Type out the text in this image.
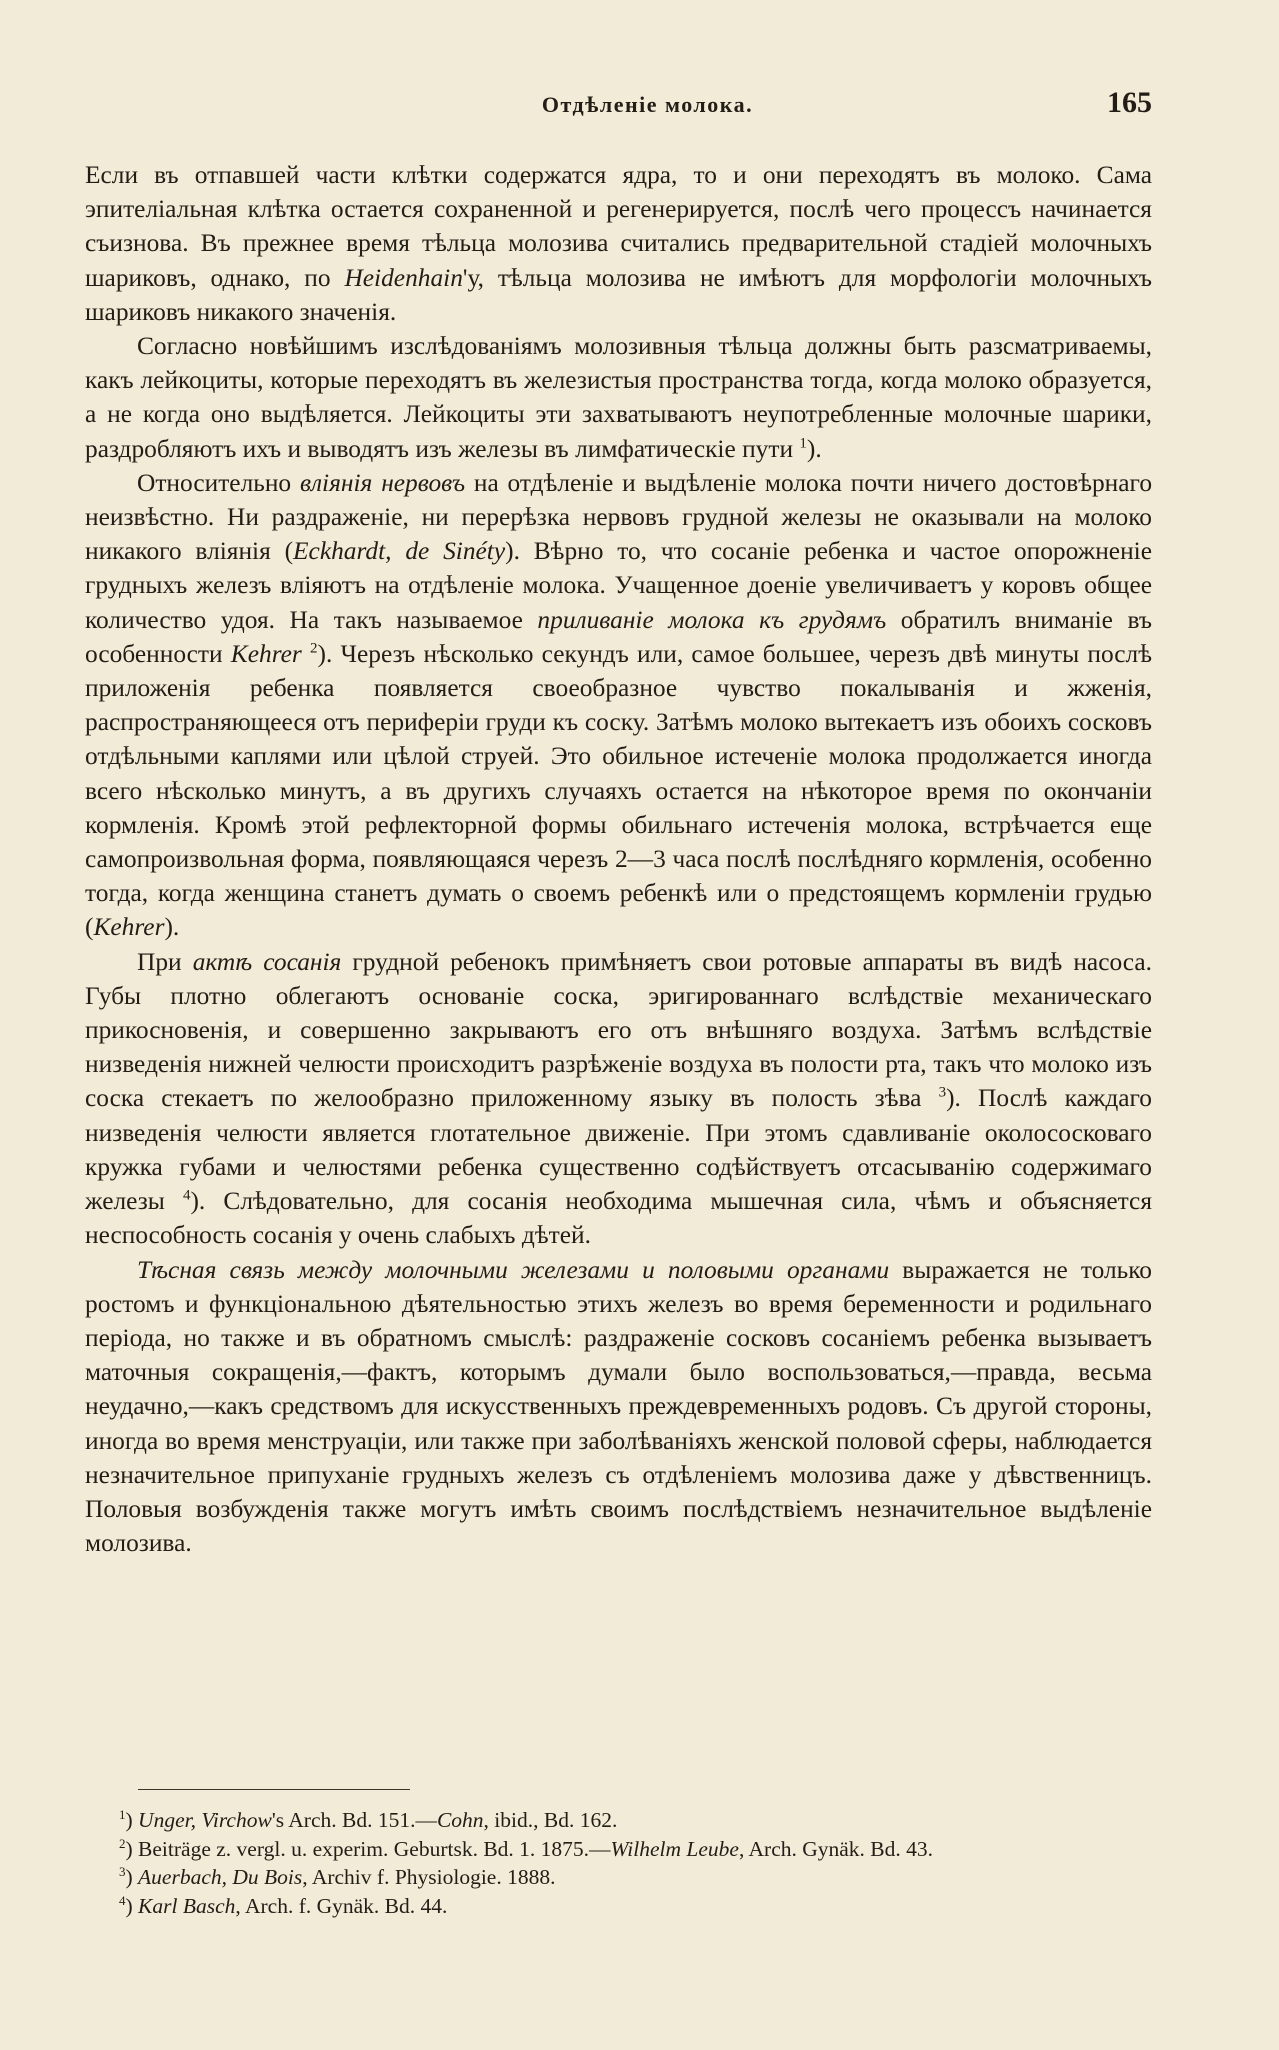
Отдѣленіе молока.	165

Если въ отпавшей части клѣтки содержатся ядра, то и они переходятъ въ молоко. Сама эпителіальная клѣтка остается сохраненной и регенерируется, послѣ чего процессъ начинается съизнова. Въ прежнее время тѣльца молозива считались предварительной стадіей молочныхъ шариковъ, однако, по Heidenhain'у, тѣльца молозива не имѣютъ для морфологіи молочныхъ шариковъ никакого значенія.

Согласно новѣйшимъ изслѣдованіямъ молозивныя тѣльца должны быть разсматриваемы, какъ лейкоциты, которые переходятъ въ железистыя пространства тогда, когда молоко образуется, а не когда оно выдѣляется. Лейкоциты эти захватываютъ неупотребленные молочные шарики, раздробляютъ ихъ и выводятъ изъ железы въ лимфатическіе пути $^1$).

Относительно вліянія нервовъ на отдѣленіе и выдѣленіе молока почти ничего достовѣрнаго неизвѣстно. Ни раздраженіе, ни перерѣзка нервовъ грудной железы не оказывали на молоко никакого вліянія (Eckhardt, de Sinéty). Вѣрно то, что сосаніе ребенка и частое опорожненіе грудныхъ железъ вліяютъ на отдѣленіе молока. Учащенное доеніе увеличиваетъ у коровъ общее количество удоя. На такъ называемое приливаніе молока къ грудямъ обратилъ вниманіе въ особенности Kehrer $^2$). Черезъ нѣсколько секундъ или, самое большее, черезъ двѣ минуты послѣ приложенія ребенка появляется своеобразное чувство покалыванія и жженія, распространяющееся отъ периферіи груди къ соску. Затѣмъ молоко вытекаетъ изъ обоихъ сосковъ отдѣльными каплями или цѣлой струей. Это обильное истеченіе молока продолжается иногда всего нѣсколько минутъ, а въ другихъ случаяхъ остается на нѣкоторое время по окончаніи кормленія. Кромѣ этой рефлекторной формы обильнаго истеченія молока, встрѣчается еще самопроизвольная форма, появляющаяся черезъ 2—3 часа послѣ послѣдняго кормленія, особенно тогда, когда женщина станетъ думать о своемъ ребенкѣ или о предстоящемъ кормленіи грудью (Kehrer).

При актѣ сосанія грудной ребенокъ примѣняетъ свои ротовые аппараты въ видѣ насоса. Губы плотно облегаютъ основаніе соска, эригированнаго вслѣдствіе механическаго прикосновенія, и совершенно закрываютъ его отъ внѣшняго воздуха. Затѣмъ вслѣдствіе низведенія нижней челюсти происходитъ разрѣженіе воздуха въ полости рта, такъ что молоко изъ соска стекаетъ по желообразно приложенному языку въ полость зѣва $^3$). Послѣ каждаго низведенія челюсти является глотательное движеніе. При этомъ сдавливаніе околососковаго кружка губами и челюстями ребенка существенно содѣйствуетъ отсасыванію содержимаго железы $^4$). Слѣдовательно, для сосанія необходима мышечная сила, чѣмъ и объясняется неспособность сосанія у очень слабыхъ дѣтей.

Тѣсная связь между молочными железами и половыми органами выражается не только ростомъ и функціональною дѣятельностью этихъ железъ во время беременности и родильнаго періода, но также и въ обратномъ смыслѣ: раздраженіе сосковъ сосаніемъ ребенка вызываетъ маточныя сокращенія,—фактъ, которымъ думали было воспользоваться,—правда, весьма неудачно,—какъ средствомъ для искусственныхъ преждевременныхъ родовъ. Съ другой стороны, иногда во время менструаціи, или также при заболѣваніяхъ женской половой сферы, наблюдается незначительное припуханіе грудныхъ железъ съ отдѣленіемъ молозива даже у дѣвственницъ. Половыя возбужденія также могутъ имѣть своимъ послѣдствіемъ незначительное выдѣленіе молозива.

$^1$) Unger, Virchow's Arch. Bd. 151.—Cohn, ibid., Bd. 162.

$^2$) Beiträge z. vergl. u. experim. Geburtsk. Bd. 1. 1875.—Wilhelm Leube, Arch. Gynäk. Bd. 43.

$^3$) Auerbach, Du Bois, Archiv f. Physiologie. 1888.

$^4$) Karl Basch, Arch. f. Gynäk. Bd. 44.
